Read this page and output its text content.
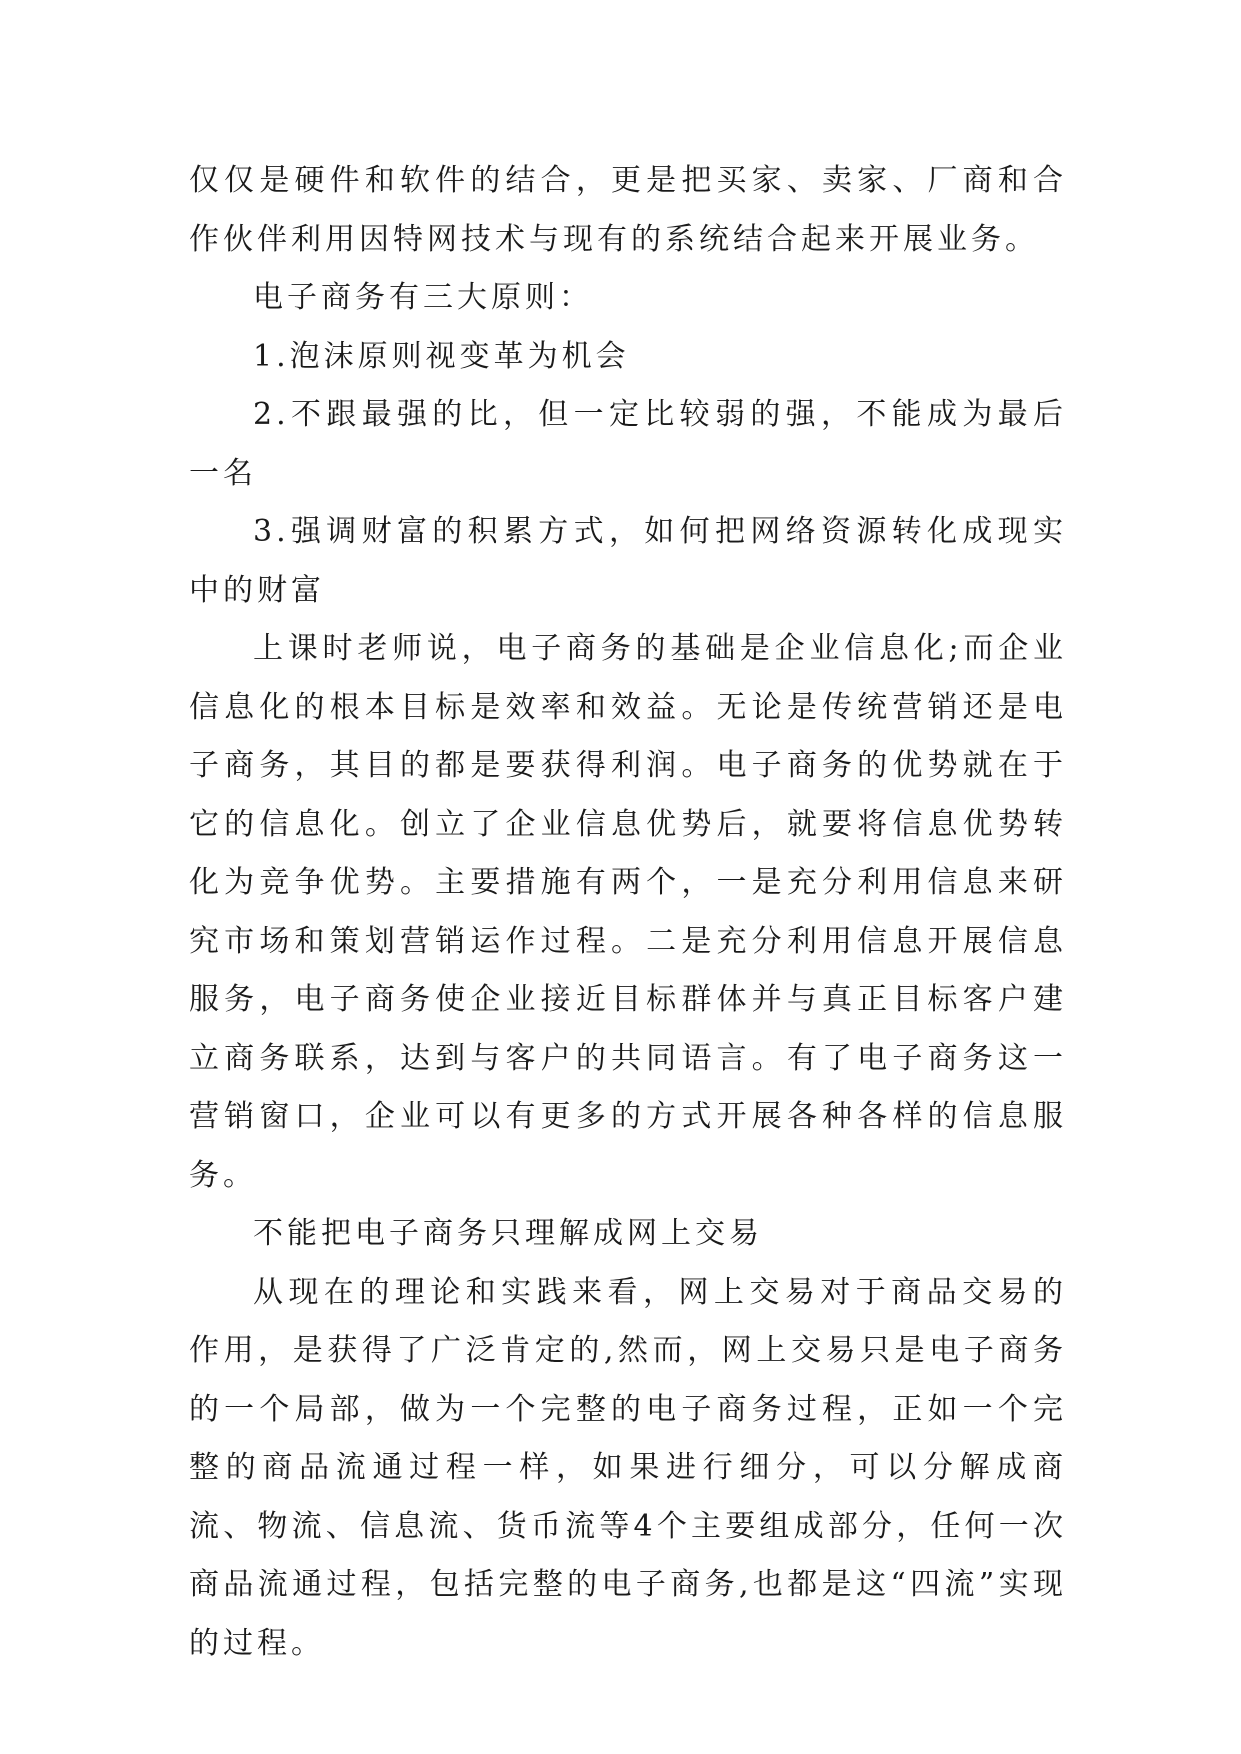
仅仅是硬件和软件的结合，更是把买家、卖家、厂商和合作伙伴利用因特网技术与现有的系统结合起来开展业务。

电子商务有三大原则：

1.泡沫原则视变革为机会

2.不跟最强的比，但一定比较弱的强，不能成为最后一名

3.强调财富的积累方式，如何把网络资源转化成现实中的财富

上课时老师说，电子商务的基础是企业信息化;而企业信息化的根本目标是效率和效益。无论是传统营销还是电子商务，其目的都是要获得利润。电子商务的优势就在于它的信息化。创立了企业信息优势后，就要将信息优势转化为竞争优势。主要措施有两个，一是充分利用信息来研究市场和策划营销运作过程。二是充分利用信息开展信息服务，电子商务使企业接近目标群体并与真正目标客户建立商务联系，达到与客户的共同语言。有了电子商务这一营销窗口，企业可以有更多的方式开展各种各样的信息服务。

不能把电子商务只理解成网上交易

从现在的理论和实践来看，网上交易对于商品交易的作用，是获得了广泛肯定的,然而，网上交易只是电子商务的一个局部，做为一个完整的电子商务过程，正如一个完整的商品流通过程一样，如果进行细分，可以分解成商流、物流、信息流、货币流等4个主要组成部分，任何一次商品流通过程，包括完整的电子商务,也都是这“四流”实现的过程。
